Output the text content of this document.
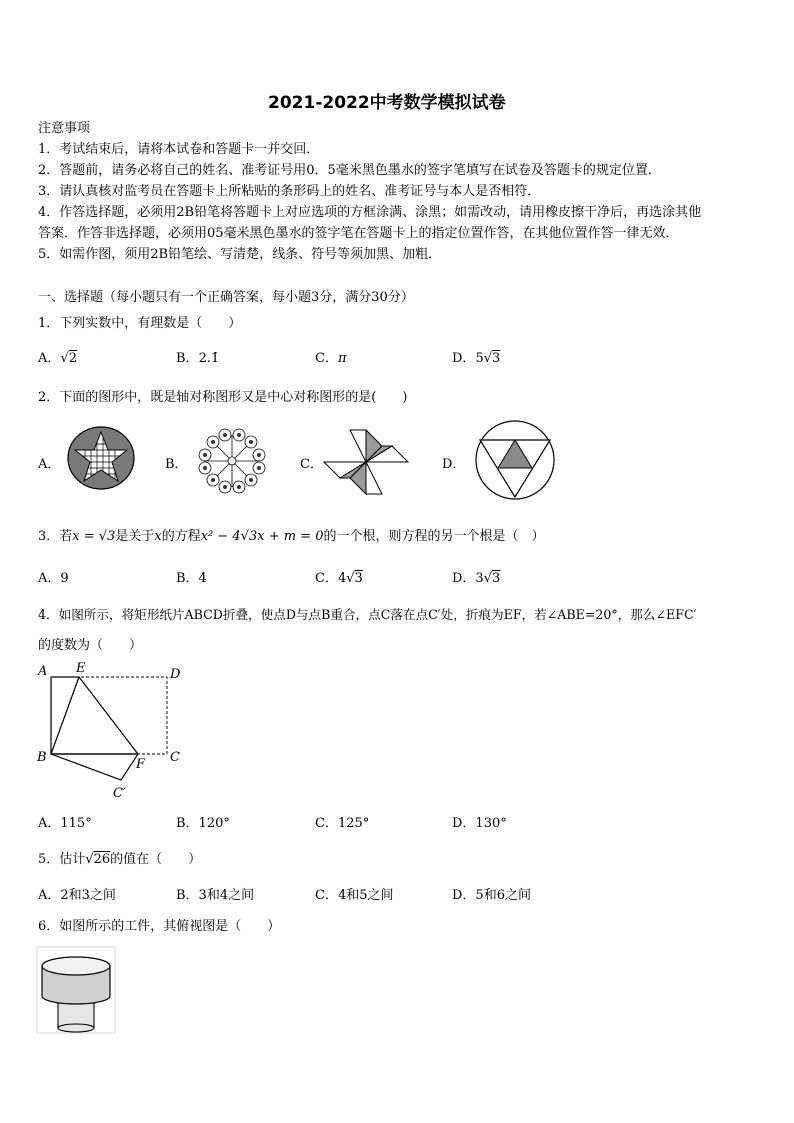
2021-2022中考数学模拟试卷
注意事项
1．考试结束后，请将本试卷和答题卡一并交回．
2．答题前，请务必将自己的姓名、准考证号用0．5毫米黑色墨水的签字笔填写在试卷及答题卡的规定位置．
3．请认真核对监考员在答题卡上所粘贴的条形码上的姓名、准考证号与本人是否相符．
4．作答选择题，必须用2B铅笔将答题卡上对应选项的方框涂满、涂黑；如需改动，请用橡皮擦干净后，再选涂其他
答案．作答非选择题，必须用05毫米黑色墨水的签字笔在答题卡上的指定位置作答，在其他位置作答一律无效．
5．如需作图，须用2B铅笔绘、写清楚，线条、符号等须加黑、加粗．
一、选择题（每小题只有一个正确答案，每小题3分，满分30分）
1．下列实数中，有理数是（　　）
A．√2	B．2.1̇	C．π	D．5√3
2．下面的图形中，既是轴对称图形又是中心对称图形的是(　　)
A．	B．	C．	D．
3．若x = √3是关于x的方程x² − 4√3x + m = 0的一个根，则方程的另一个根是（　）
A．9	B．4	C．4√3	D．3√3
4．如图所示，将矩形纸片ABCD折叠，使点D与点B重合，点C落在点C′处，折痕为EF，若∠ABE=20°，那么∠EFC′
的度数为（　　）
A E	D
B	C
F
C′
A．115°	B．120°	C．125°	D．130°
5．估计√26的值在（　　）
A．2和3之间	B．3和4之间	C．4和5之间	D．5和6之间
6．如图所示的工件，其俯视图是（　　）
